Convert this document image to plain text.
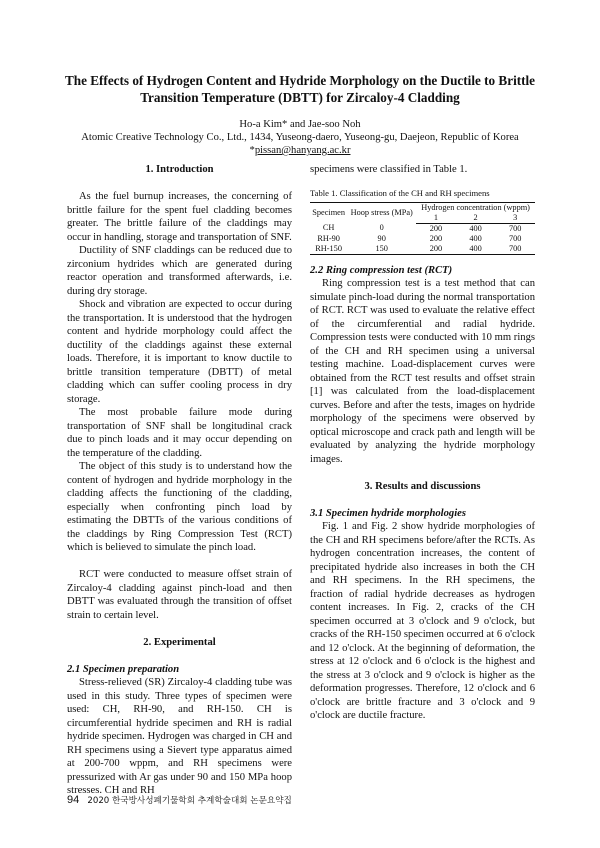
The Effects of Hydrogen Content and Hydride Morphology on the Ductile to Brittle Transition Temperature (DBTT) for Zircaloy-4 Cladding
Ho-a Kim* and Jae-soo Noh
Atomic Creative Technology Co., Ltd., 1434, Yuseong-daero, Yuseong-gu, Daejeon, Republic of Korea
*pissan@hanyang.ac.kr
1. Introduction

As the fuel burnup increases, the concerning of brittle failure for the spent fuel cladding becomes greater. The brittle failure of the claddings may occur in handling, storage and transportation of SNF.

Ductility of SNF claddings can be reduced due to zirconium hydrides which are generated during reactor operation and transformed afterwards, i.e. during dry storage.

Shock and vibration are expected to occur during the transportation. It is understood that the hydrogen content and hydride morphology could affect the ductility of the claddings against these external loads. Therefore, it is important to know ductile to brittle transition temperature (DBTT) of metal cladding which can suffer cooling process in dry storage.

The most probable failure mode during transportation of SNF shall be longitudinal crack due to pinch loads and it may occur depending on the temperature of the cladding.

The object of this study is to understand how the content of hydrogen and hydride morphology in the cladding affects the functioning of the cladding, especially when confronting pinch load by estimating the DBTTs of the various conditions of the claddings by Ring Compression Test (RCT) which is believed to simulate the pinch load.

RCT were conducted to measure offset strain of Zircaloy-4 cladding against pinch-load and then DBTT was evaluated through the transition of offset strain to certain level.

2. Experimental
2.1 Specimen preparation

Stress-relieved (SR) Zircaloy-4 cladding tube was used in this study. Three types of specimen were used: CH, RH-90, and RH-150. CH is circumferential hydride specimen and RH is radial hydride specimen. Hydrogen was charged in CH and RH specimens using a Sievert type apparatus aimed at 200-700 wppm, and RH specimens were pressurized with Ar gas under 90 and 150 MPa hoop stresses. CH and RH

specimens were classified in Table 1.

Table 1. Classification of the CH and RH specimens
Specimen	Hoop stress (MPa)	Hydrogen concentration (wppm)		
		1	2	3
CH	0	200	400	700
RH-90	90	200	400	700
RH-150	150	200	400	700
2.2 Ring compression test (RCT)

Ring compression test is a test method that can simulate pinch-load during the normal transportation of RCT. RCT was used to evaluate the relative effect of the circumferential and radial hydride. Compression tests were conducted with 10 mm rings of the CH and RH specimen using a universal testing machine. Load-displacement curves were obtained from the RCT test results and offset strain [1] was calculated from the load-displacement curves. Before and after the tests, images on hydride morphology of the specimens were observed by optical microscope and crack path and length will be evaluated by analyzing the hydride morphology images.

3. Results and discussions
3.1 Specimen hydride morphologies

Fig. 1 and Fig. 2 show hydride morphologies of the CH and RH specimens before/after the RCTs. As hydrogen concentration increases, the content of precipitated hydride also increases in both the CH and RH specimens. In the RH specimens, the fraction of radial hydride decreases as hydrogen content increases. In Fig. 2, cracks of the CH specimen occurred at 3 o'clock and 9 o'clock, but cracks of the RH-150 specimen occurred at 6 o'clock and 12 o'clock. At the beginning of deformation, the stress at 12 o'clock and 6 o'clock is the highest and the stress at 3 o'clock and 9 o'clock is higher as the deformation progresses. Therefore, 12 o'clock and 6 o'clock are brittle fracture and 3 o'clock and 9 o'clock are ductile fracture.

94 2020 한국방사성폐기물학회 추계학술대회 논문요약집
